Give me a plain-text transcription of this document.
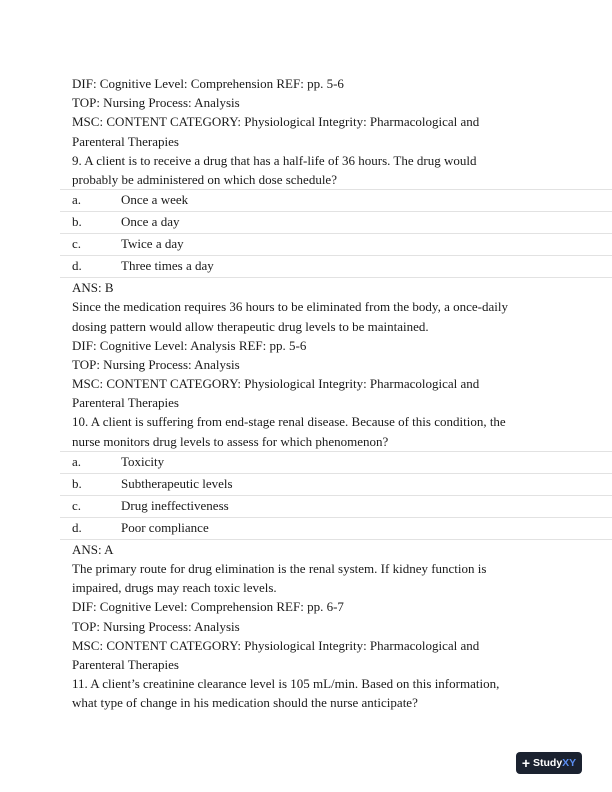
DIF: Cognitive Level: Comprehension REF: pp. 5-6
TOP: Nursing Process: Analysis
MSC: CONTENT CATEGORY: Physiological Integrity: Pharmacological and
Parenteral Therapies
9. A client is to receive a drug that has a half-life of 36 hours. The drug would
probably be administered on which dose schedule?
a.	Once a week
b.	Once a day
c.	Twice a day
d.	Three times a day
ANS: B
Since the medication requires 36 hours to be eliminated from the body, a once-daily
dosing pattern would allow therapeutic drug levels to be maintained.
DIF: Cognitive Level: Analysis REF: pp. 5-6
TOP: Nursing Process: Analysis
MSC: CONTENT CATEGORY: Physiological Integrity: Pharmacological and
Parenteral Therapies
10. A client is suffering from end-stage renal disease. Because of this condition, the
nurse monitors drug levels to assess for which phenomenon?
a.	Toxicity
b.	Subtherapeutic levels
c.	Drug ineffectiveness
d.	Poor compliance
ANS: A
The primary route for drug elimination is the renal system. If kidney function is
impaired, drugs may reach toxic levels.
DIF: Cognitive Level: Comprehension REF: pp. 6-7
TOP: Nursing Process: Analysis
MSC: CONTENT CATEGORY: Physiological Integrity: Pharmacological and
Parenteral Therapies
11. A client’s creatinine clearance level is 105 mL/min. Based on this information,
what type of change in his medication should the nurse anticipate?
+ Study XY
